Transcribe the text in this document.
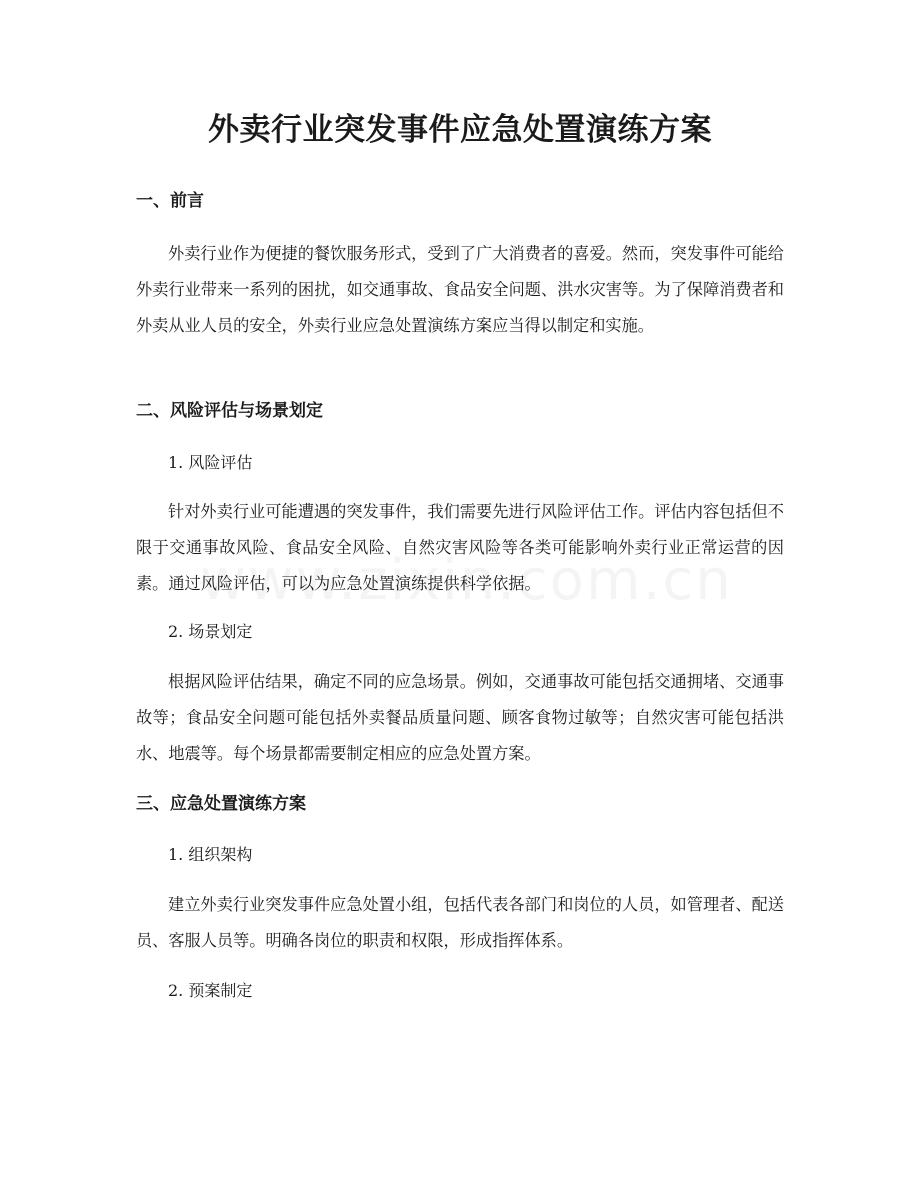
外卖行业突发事件应急处置演练方案
一、前言

外卖行业作为便捷的餐饮服务形式，受到了广大消费者的喜爱。然而，突发事件可能给外卖行业带来一系列的困扰，如交通事故、食品安全问题、洪水灾害等。为了保障消费者和外卖从业人员的安全，外卖行业应急处置演练方案应当得以制定和实施。

二、风险评估与场景划定

1. 风险评估

针对外卖行业可能遭遇的突发事件，我们需要先进行风险评估工作。评估内容包括但不限于交通事故风险、食品安全风险、自然灾害风险等各类可能影响外卖行业正常运营的因素。通过风险评估，可以为应急处置演练提供科学依据。

2. 场景划定

根据风险评估结果，确定不同的应急场景。例如，交通事故可能包括交通拥堵、交通事故等；食品安全问题可能包括外卖餐品质量问题、顾客食物过敏等；自然灾害可能包括洪水、地震等。每个场景都需要制定相应的应急处置方案。

三、应急处置演练方案

1. 组织架构

建立外卖行业突发事件应急处置小组，包括代表各部门和岗位的人员，如管理者、配送员、客服人员等。明确各岗位的职责和权限，形成指挥体系。

2. 预案制定
